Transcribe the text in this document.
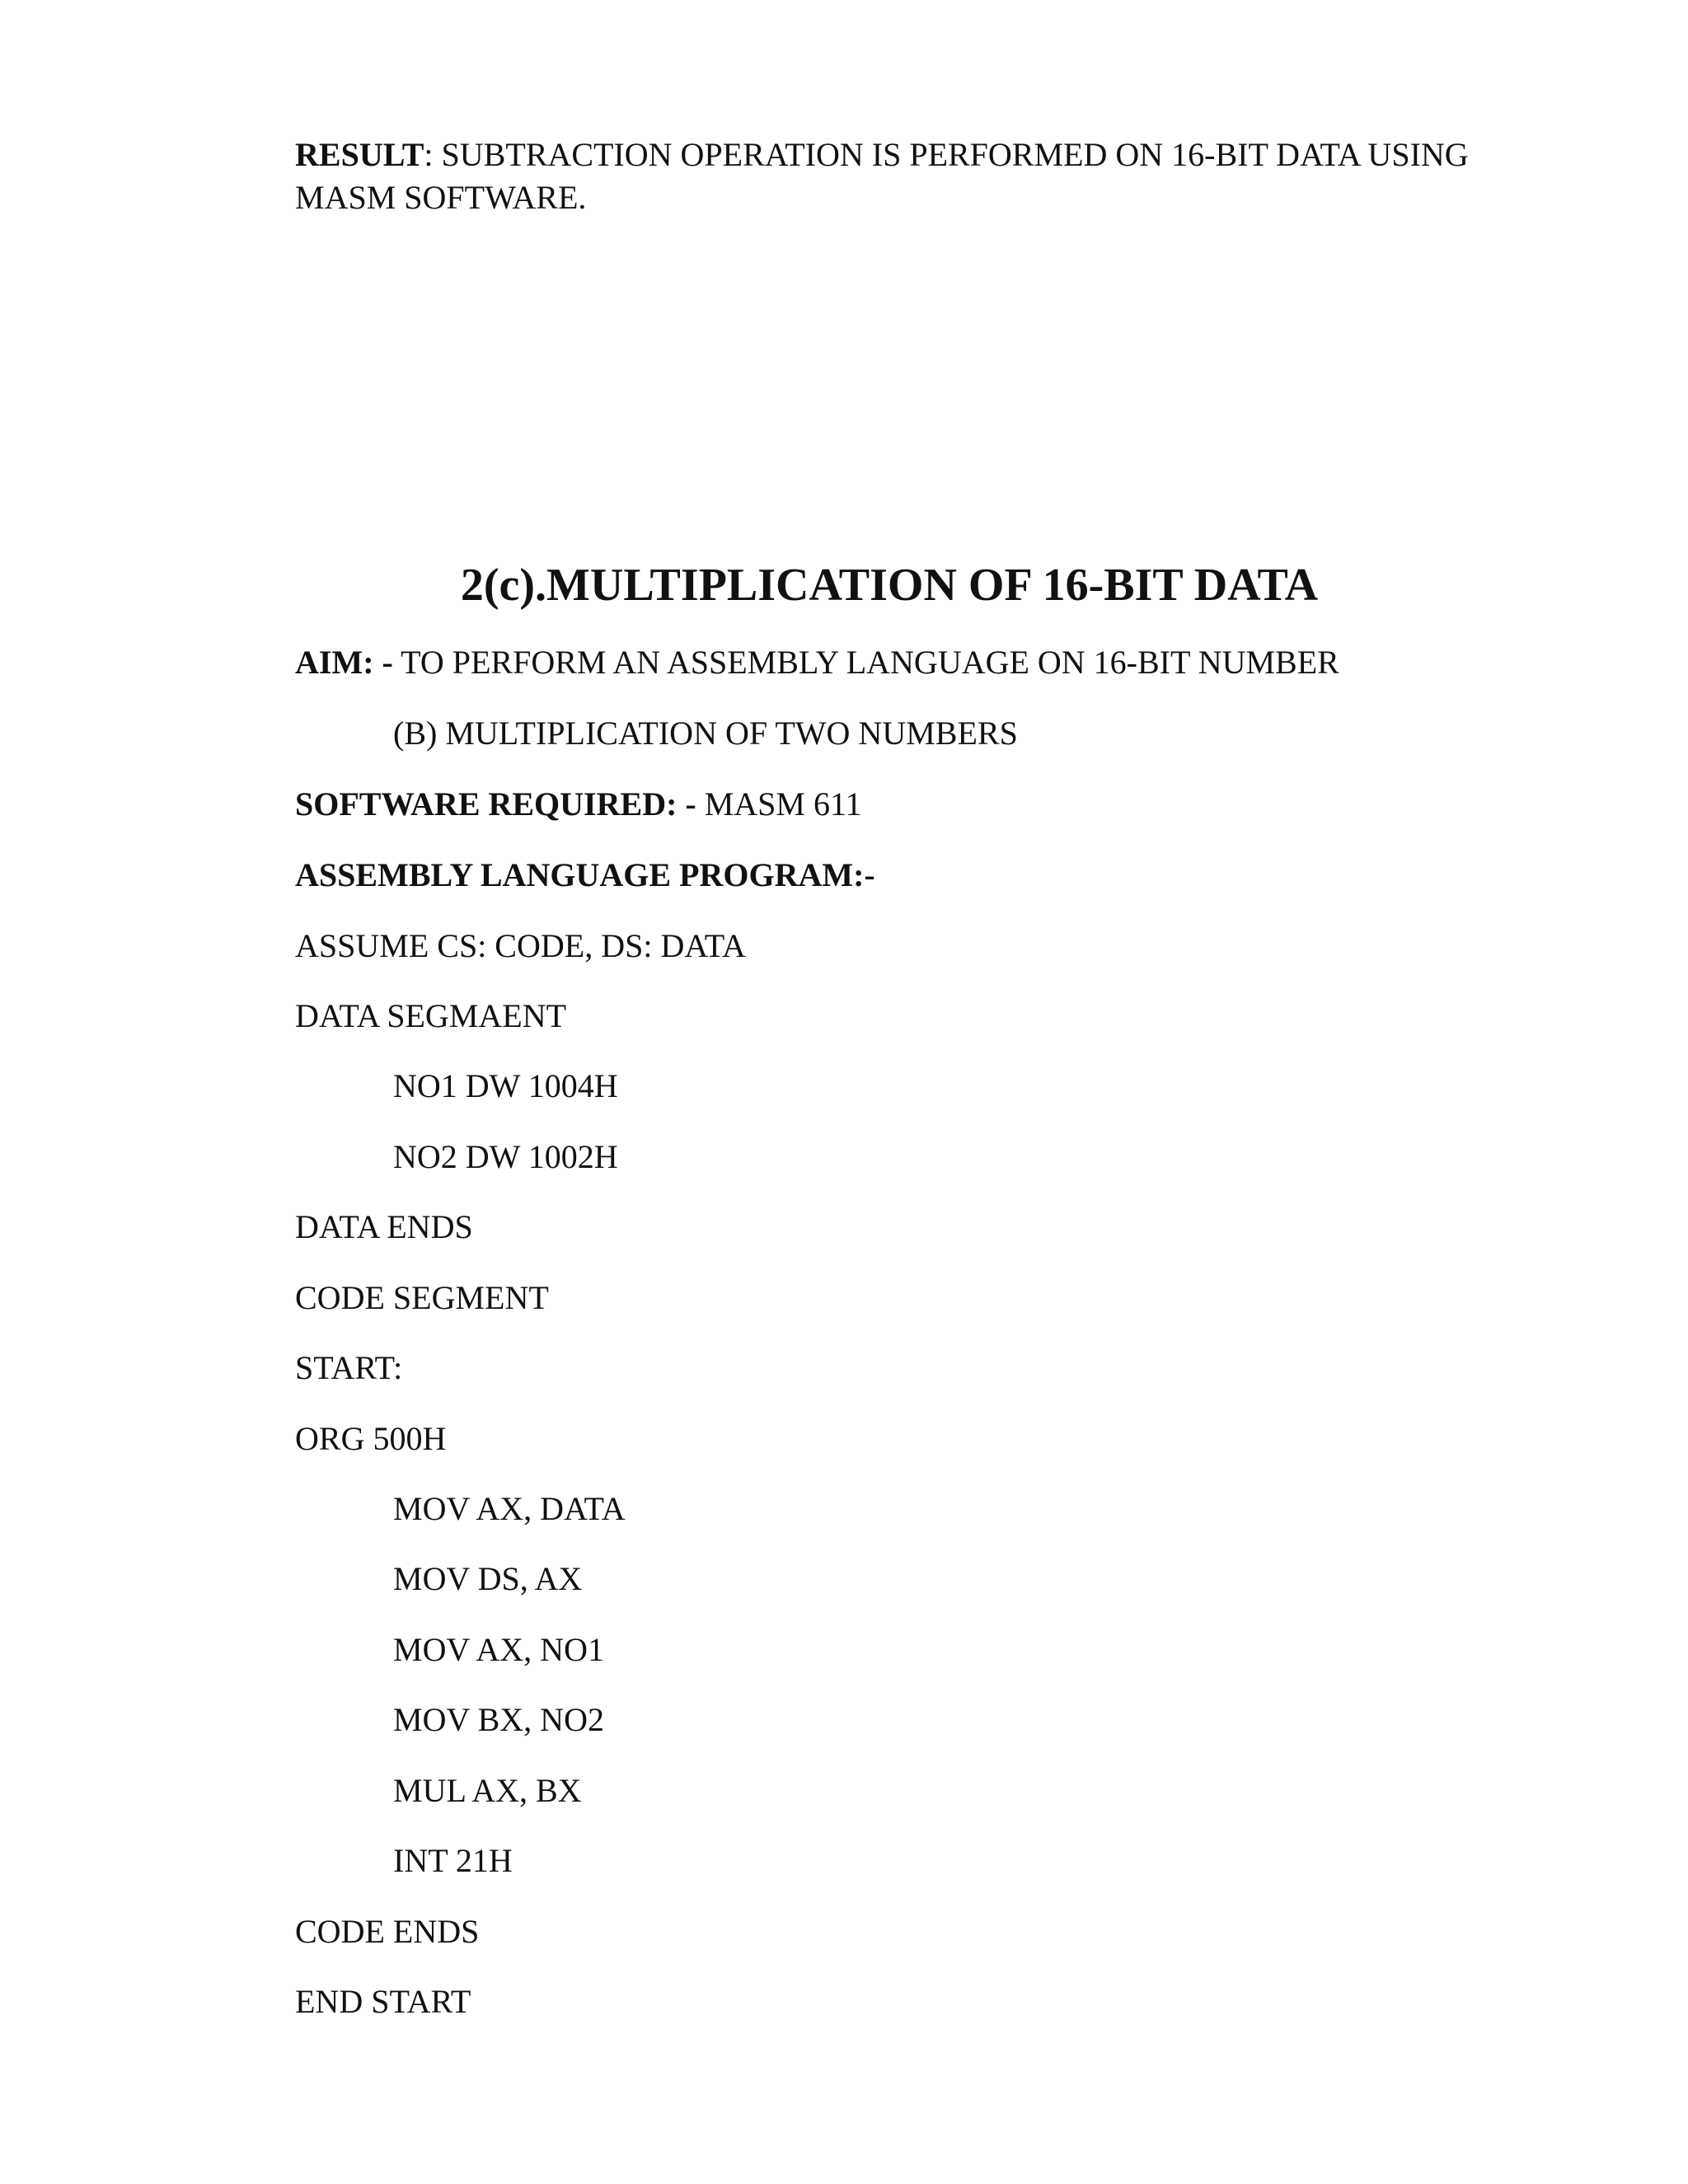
RESULT: SUBTRACTION OPERATION IS PERFORMED ON 16-BIT DATA USING MASM SOFTWARE.
2(c).MULTIPLICATION OF 16-BIT DATA
AIM: - TO PERFORM AN ASSEMBLY LANGUAGE ON 16-BIT NUMBER
(B) MULTIPLICATION OF TWO NUMBERS
SOFTWARE REQUIRED: - MASM 611
ASSEMBLY LANGUAGE PROGRAM:-
ASSUME CS: CODE, DS: DATA
DATA SEGMAENT
NO1 DW 1004H
NO2 DW 1002H
DATA ENDS
CODE SEGMENT
START:
ORG 500H
MOV AX, DATA
MOV DS, AX
MOV AX, NO1
MOV BX, NO2
MUL AX, BX
INT 21H
CODE ENDS
END START
